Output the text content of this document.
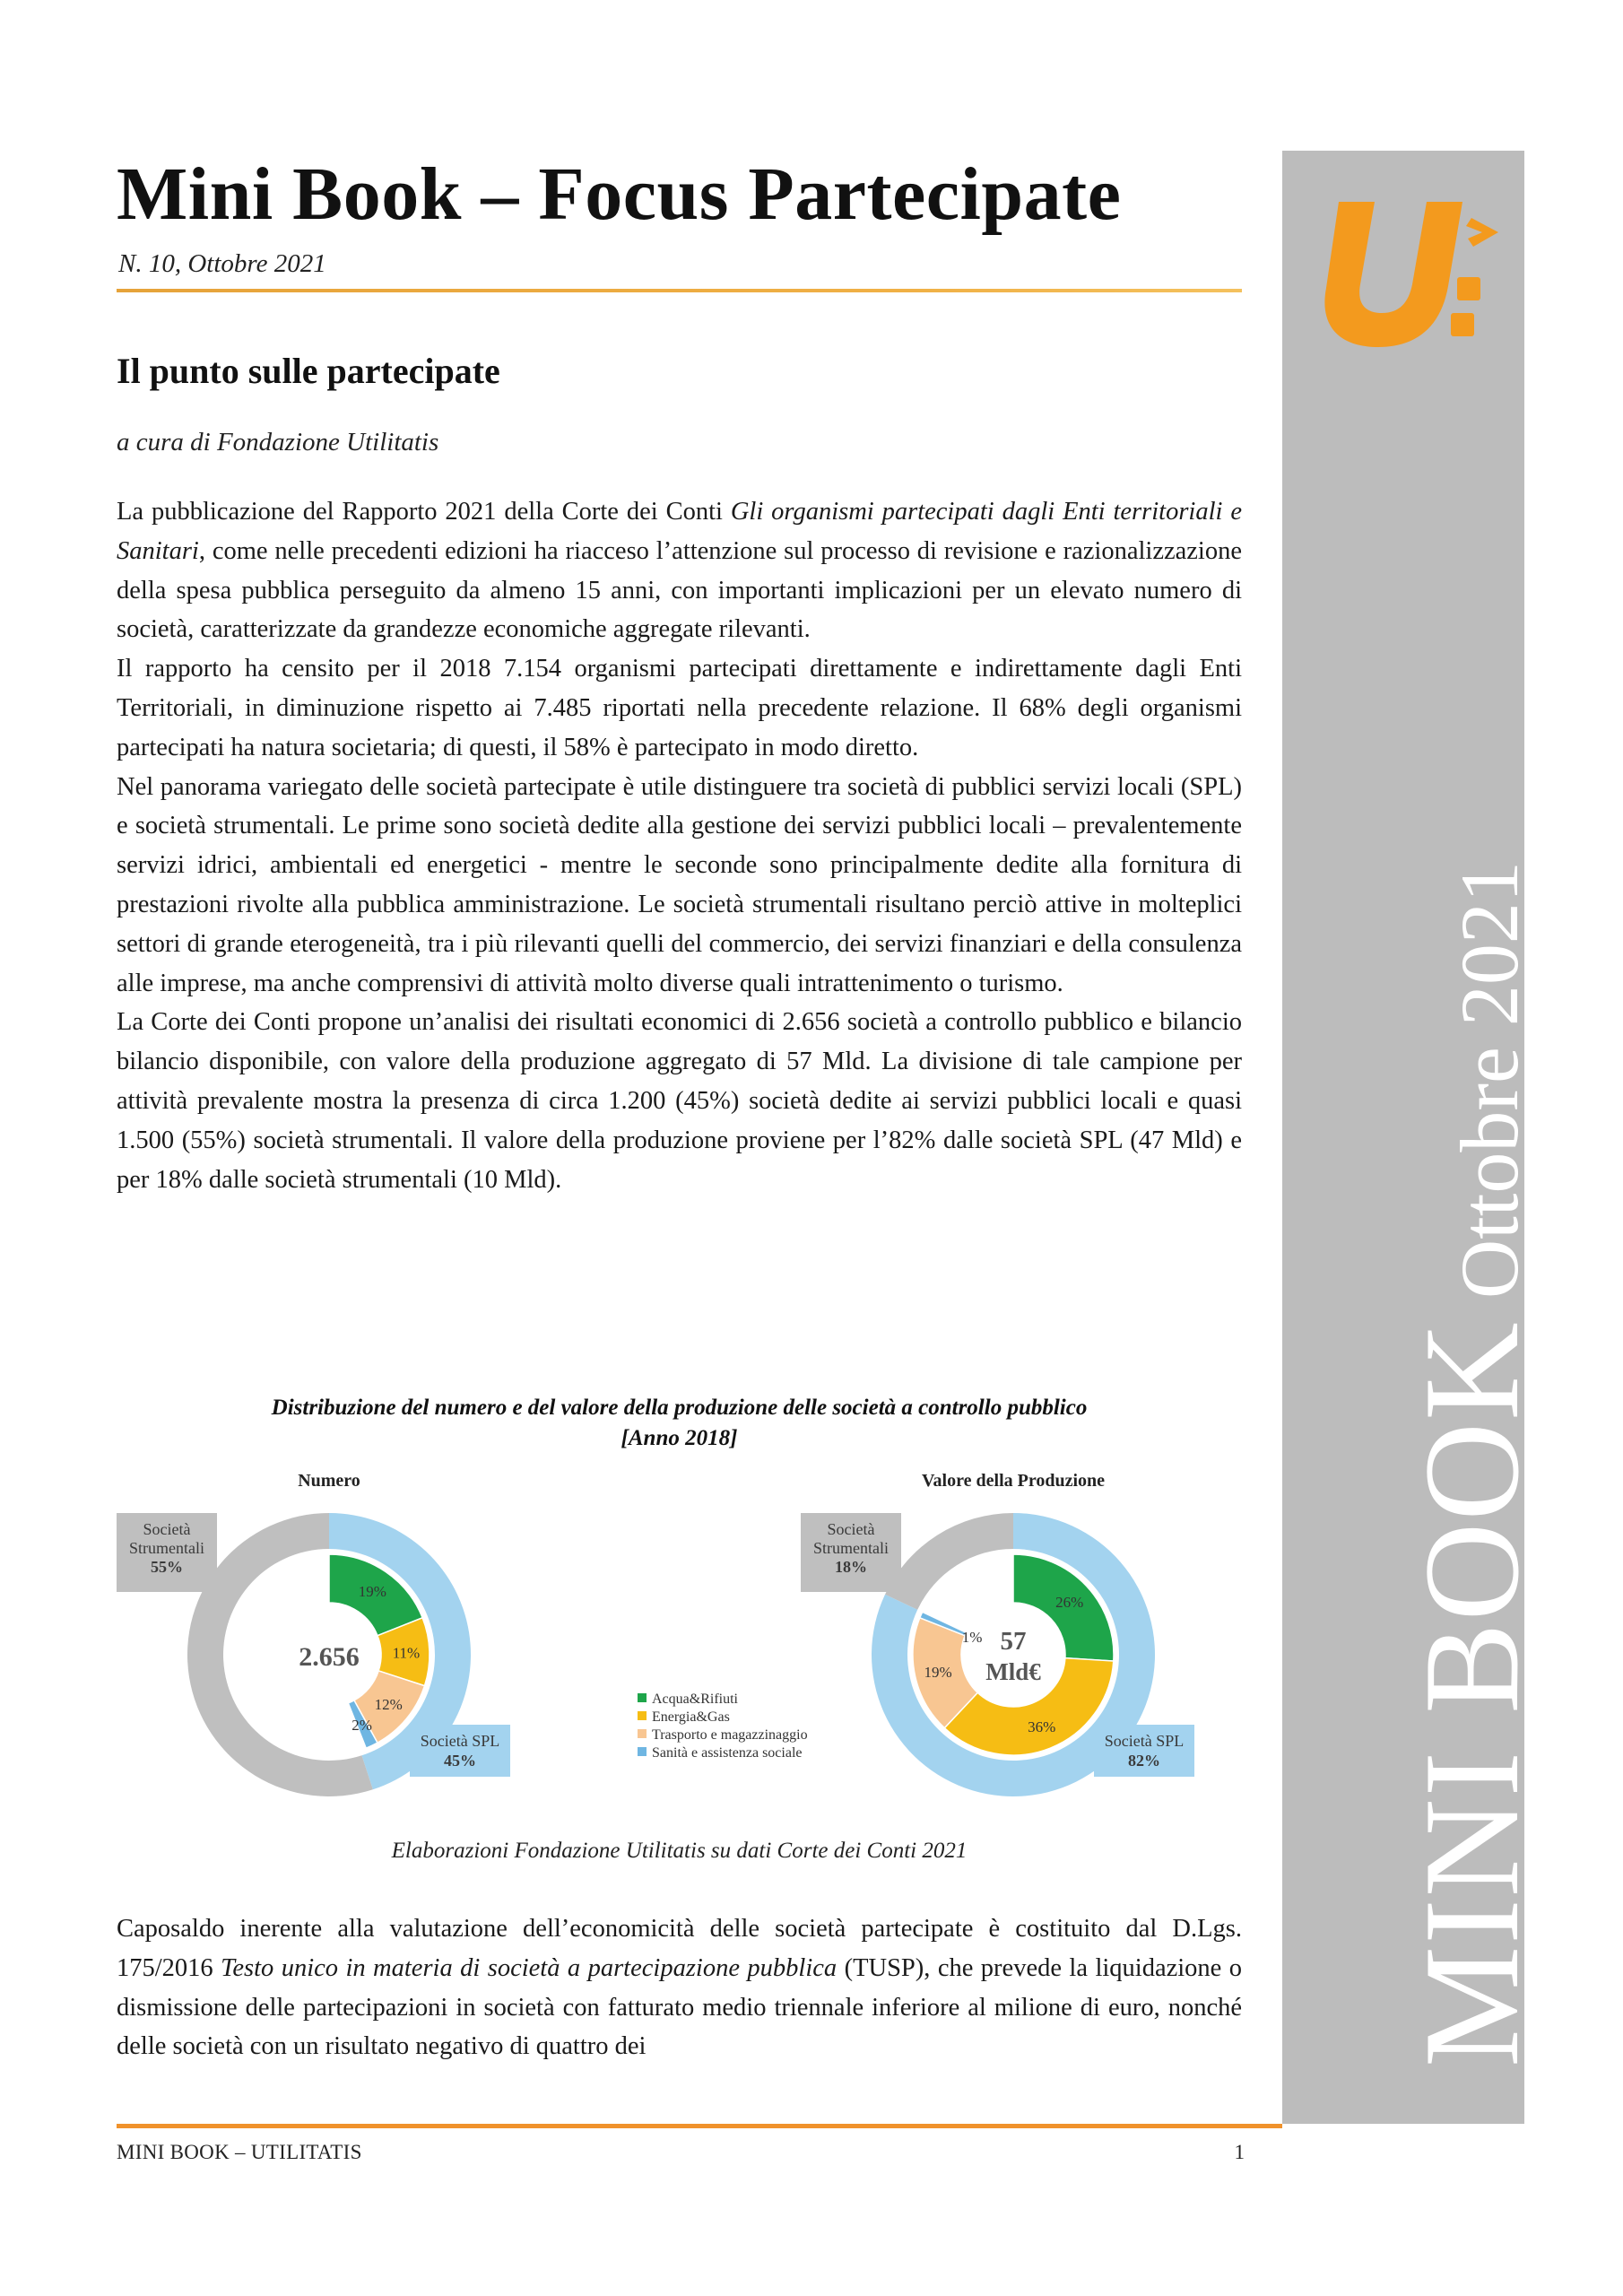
Mini Book – Focus Partecipate
N. 10, Ottobre 2021
Il punto sulle partecipate
a cura di Fondazione Utilitatis

La pubblicazione del Rapporto 2021 della Corte dei Conti Gli organismi partecipati dagli Enti territoriali e Sanitari, come nelle precedenti edizioni ha riacceso l’attenzione sul processo di revisione e razionalizzazione della spesa pubblica perseguito da almeno 15 anni, con importanti implicazioni per un elevato numero di società, caratterizzate da grandezze economiche aggregate rilevanti.

Il rapporto ha censito per il 2018 7.154 organismi partecipati direttamente e indirettamente dagli Enti Territoriali, in diminuzione rispetto ai 7.485 riportati nella precedente relazione. Il 68% degli organismi partecipati ha natura societaria; di questi, il 58% è partecipato in modo diretto.

Nel panorama variegato delle società partecipate è utile distinguere tra società di pubblici servizi locali (SPL) e società strumentali. Le prime sono società dedite alla gestione dei servizi pubblici locali – prevalentemente servizi idrici, ambientali ed energetici - mentre le seconde sono principalmente dedite alla fornitura di prestazioni rivolte alla pubblica amministrazione. Le società strumentali risultano perciò attive in molteplici settori di grande eterogeneità, tra i più rilevanti quelli del commercio, dei servizi finanziari e della consulenza alle imprese, ma anche comprensivi di attività molto diverse quali intrattenimento o turismo.

La Corte dei Conti propone un’analisi dei risultati economici di 2.656 società a controllo pubblico e bilancio bilancio disponibile, con valore della produzione aggregato di 57 Mld. La divisione di tale campione per attività prevalente mostra la presenza di circa 1.200 (45%) società dedite ai servizi pubblici locali e quasi 1.500 (55%) società strumentali. Il valore della produzione proviene per l’82% dalle società SPL (47 Mld) e per 18% dalle società strumentali (10 Mld).

Distribuzione del numero e del valore della produzione delle società a controllo pubblico
[Anno 2018]
19%
11%
12%
2%
Numero
2.656
Società
Strumentali
55%
Società SPL
45%
26%
36%
19%
1%
Valore della Produzione
57
Mld€
Società
Strumentali
18%
Società SPL
82%
Acqua&Rifiuti
Energia&Gas
Trasporto e magazzinaggio
Sanità e assistenza sociale
Elaborazioni Fondazione Utilitatis su dati Corte dei Conti 2021

Caposaldo inerente alla valutazione dell’economicità delle società partecipate è costituito dal D.Lgs. 175/2016 Testo unico in materia di società a partecipazione pubblica (TUSP), che prevede la liquidazione o dismissione delle partecipazioni in società con fatturato medio triennale inferiore al milione di euro, nonché delle società con un risultato negativo di quattro dei	MINI BOOKOttobre 2021
MINI BOOK – UTILITATIS	1
